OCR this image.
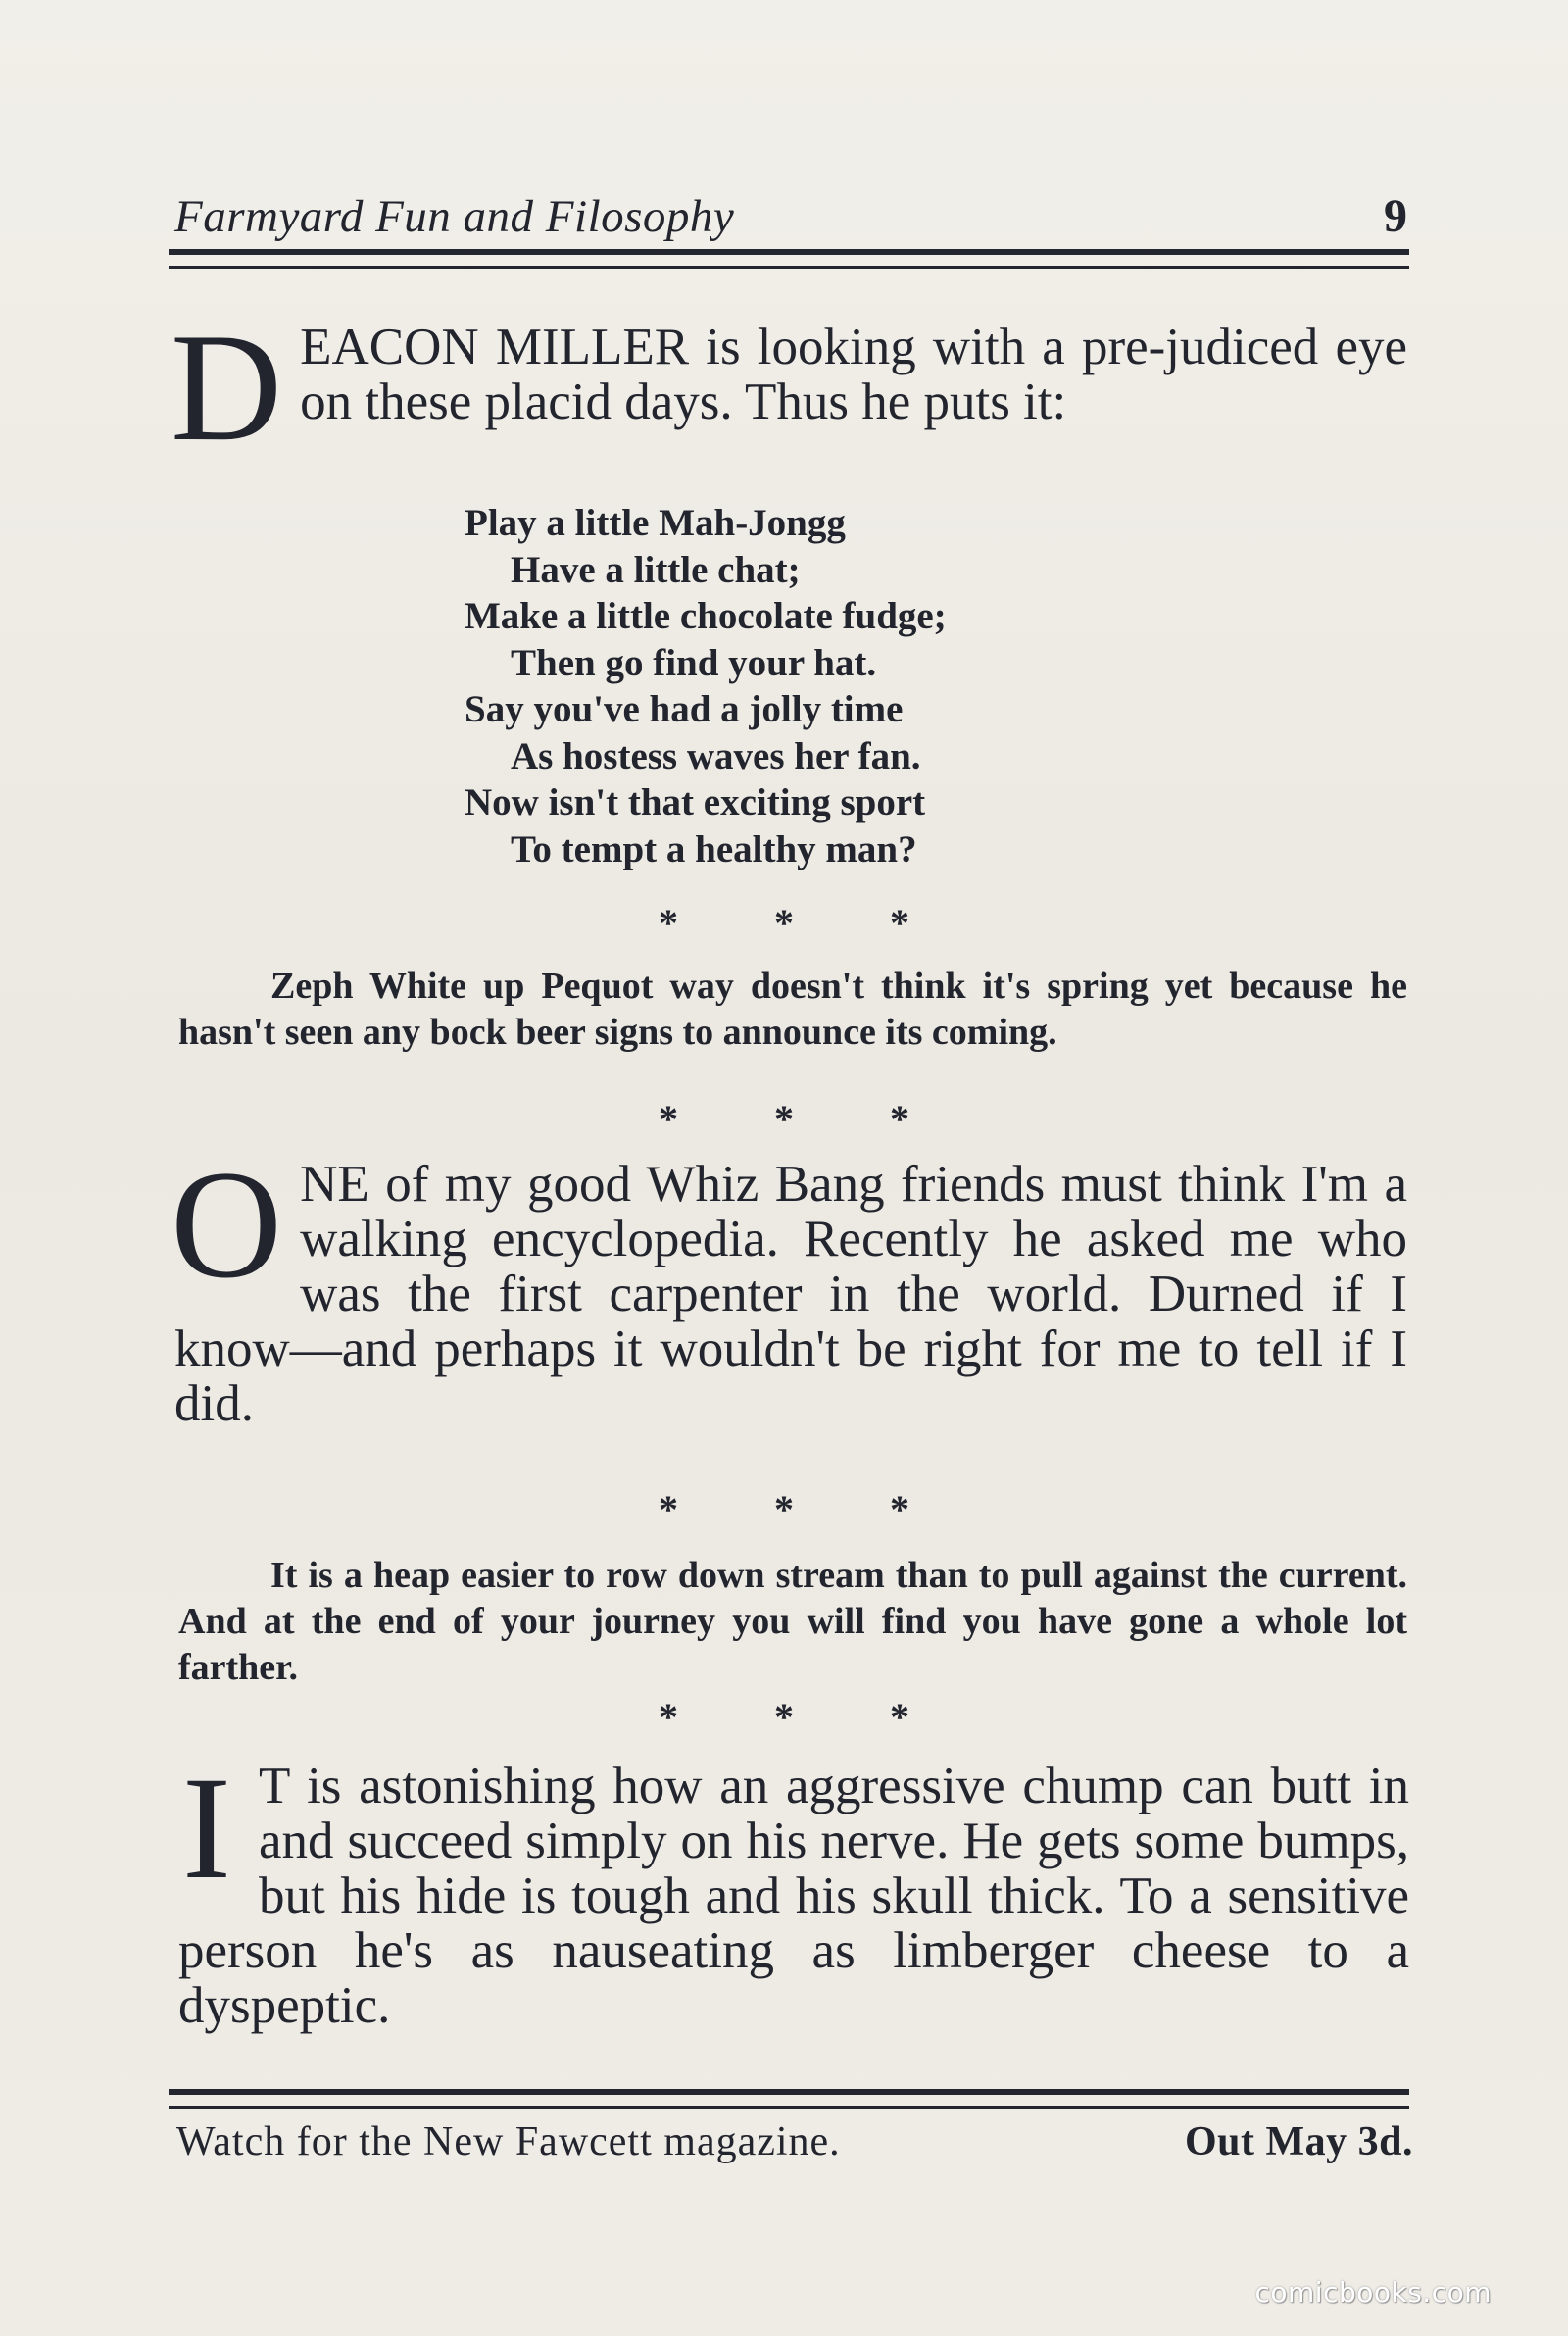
Farmyard Fun and Filosophy	9

DEACON MILLER is looking with a pre-judiced eye on these placid days. Thus he puts it:

Play a little Mah-Jongg
Have a little chat;
Make a little chocolate fudge;
Then go find your hat.
Say you've had a jolly time
As hostess waves her fan.
Now isn't that exciting sport
To tempt a healthy man?
* * *

Zeph White up Pequot way doesn't think it's spring yet because he hasn't seen any bock beer signs to announce its coming.

* * *

ONE of my good Whiz Bang friends must think I'm a walking encyclopedia. Recently he asked me who was the first carpenter in the world. Durned if I know—and perhaps it wouldn't be right for me to tell if I did.

* * *

It is a heap easier to row down stream than to pull against the current. And at the end of your journey you will find you have gone a whole lot farther.

* * *

I T is astonishing how an aggressive chump can butt in and succeed simply on his nerve. He gets some bumps, but his hide is tough and his skull thick. To a sensitive person he's as nauseating as limberger cheese to a dyspeptic.

Watch for the New Fawcett magazine.	Out May 3d.
comicbooks.com
